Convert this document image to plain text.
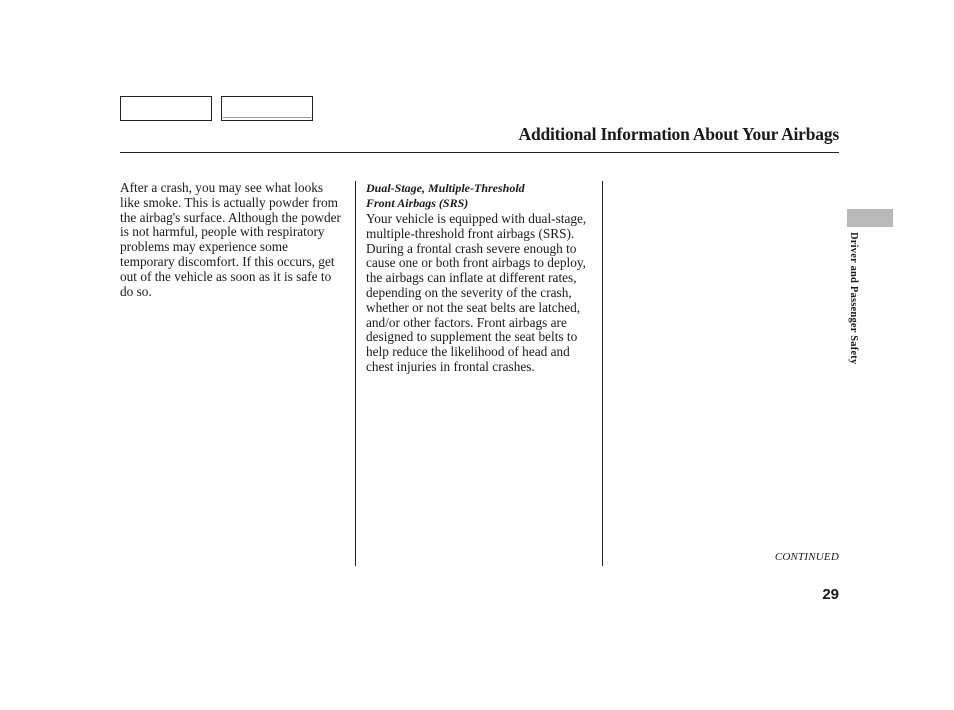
Additional Information About Your Airbags

After a crash, you may see what looks like smoke. This is actually powder from the airbag's surface. Although the powder is not harmful, people with respiratory problems may experience some temporary discomfort. If this occurs, get out of the vehicle as soon as it is safe to do so.

Dual-Stage, Multiple-Threshold
Front Airbags (SRS)

Your vehicle is equipped with dual-stage, multiple-threshold front airbags (SRS). During a frontal crash severe enough to cause one or both front airbags to deploy, the airbags can inflate at different rates, depending on the severity of the crash, whether or not the seat belts are latched, and/or other factors. Front airbags are designed to supplement the seat belts to help reduce the likelihood of head and chest injuries in frontal crashes.

Driver and Passenger Safety
CONTINUED
29
